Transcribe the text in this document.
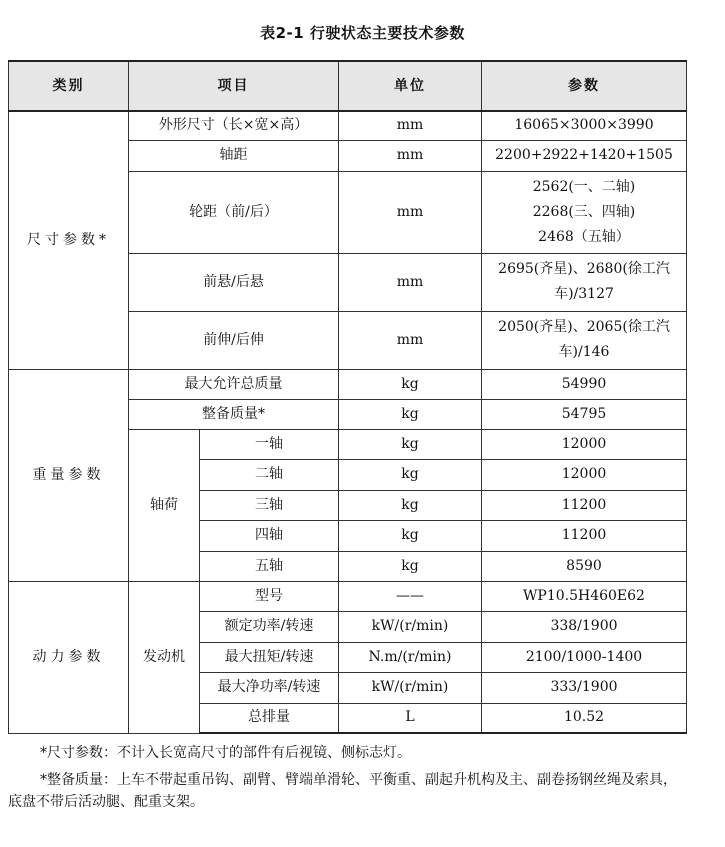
表2-1 行驶状态主要技术参数
类别	项目		单位	参数
尺寸参数*	外形尺寸（长×宽×高）		mm	16065×3000×3990
	轴距		mm	2200+2922+1420+1505
	轮距（前/后）		mm	2562(一、二轴)
2268(三、四轴)
2468（五轴）

	前悬/后悬		mm	2695(齐星)、2680(徐工汽
车)/3127

	前伸/后伸		mm	2050(齐星)、2065(徐工汽
车)/146

重量参数	最大允许总质量		kg	54990
	整备质量*		kg	54795
	轴荷	一轴	kg	12000
		二轴	kg	12000
		三轴	kg	11200
		四轴	kg	11200
		五轴	kg	8590
动力参数	发动机	型号	——	WP10.5H460E62
		额定功率/转速	kW/(r/min)	338/1900
		最大扭矩/转速	N.m/(r/min)	2100/1000-1400
		最大净功率/转速	kW/(r/min)	333/1900
		总排量	L	10.52
*尺寸参数：不计入长宽高尺寸的部件有后视镜、侧标志灯。
*整备质量：上车不带起重吊钩、副臂、臂端单滑轮、平衡重、副起升机构及主、副卷扬钢丝绳及索具，底盘不带后活动腿、配重支架。
